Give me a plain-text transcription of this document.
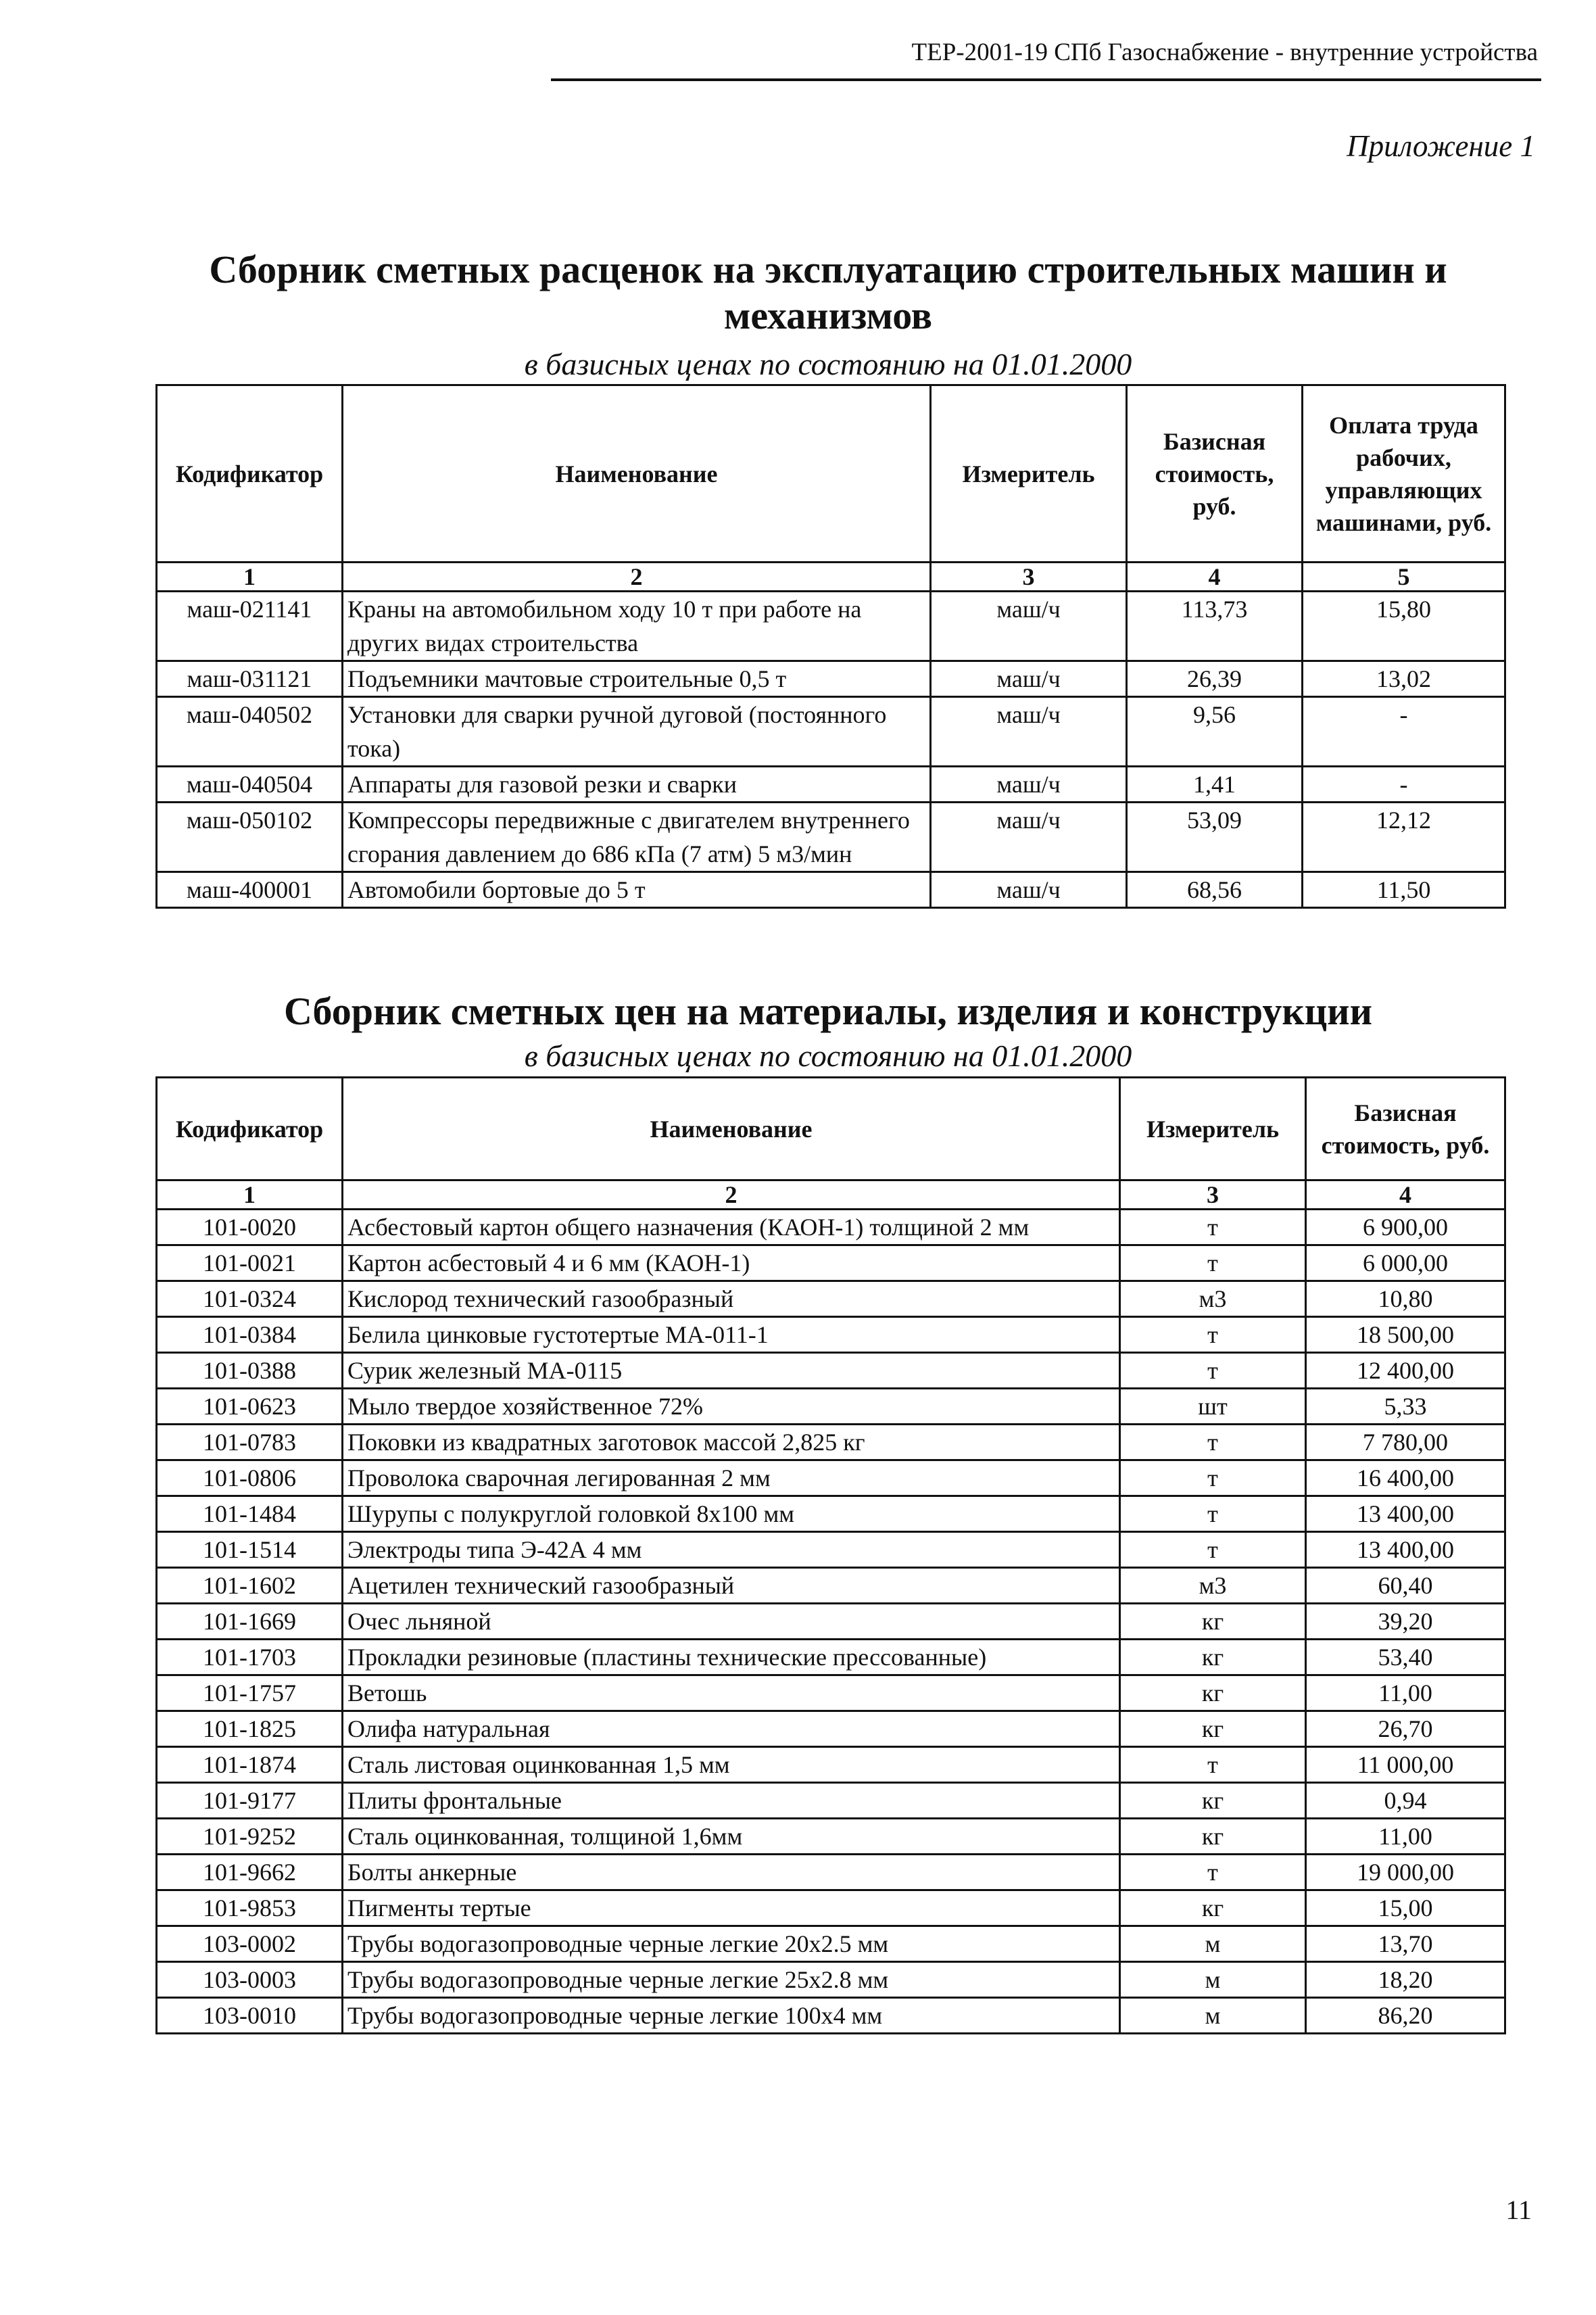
ТЕР-2001-19 СПб Газоснабжение - внутренние устройства
Приложение 1
Сборник сметных расценок на эксплуатацию строительных машин и
механизмов
в базисных ценах по состоянию на 01.01.2000
Кодификатор	Наименование	Измеритель	Базисная стоимость, руб.	Оплата труда рабочих, управляющих машинами, руб.
1	2	3	4	5
маш-021141	Краны на автомобильном ходу 10 т при работе на других видах строительства	маш/ч	113,73	15,80
маш-031121	Подъемники мачтовые строительные 0,5 т	маш/ч	26,39	13,02
маш-040502	Установки для сварки ручной дуговой (постоянного тока)	маш/ч	9,56	-
маш-040504	Аппараты для газовой резки и сварки	маш/ч	1,41	-
маш-050102	Компрессоры передвижные с двигателем внутреннего сгорания давлением до 686 кПа (7 атм) 5 м3/мин	маш/ч	53,09	12,12
маш-400001	Автомобили бортовые до 5 т	маш/ч	68,56	11,50
Сборник сметных цен на материалы, изделия и конструкции
в базисных ценах по состоянию на 01.01.2000
Кодификатор	Наименование	Измеритель	Базисная стоимость, руб.
1	2	3	4
101-0020	Асбестовый картон общего назначения (КАОН-1) толщиной 2 мм	т	6 900,00
101-0021	Картон асбестовый 4 и 6 мм (КАОН-1)	т	6 000,00
101-0324	Кислород технический газообразный	м3	10,80
101-0384	Белила цинковые густотертые МА-011-1	т	18 500,00
101-0388	Сурик железный МА-0115	т	12 400,00
101-0623	Мыло твердое хозяйственное 72%	шт	5,33
101-0783	Поковки из квадратных заготовок массой 2,825 кг	т	7 780,00
101-0806	Проволока сварочная легированная 2 мм	т	16 400,00
101-1484	Шурупы с полукруглой головкой 8х100 мм	т	13 400,00
101-1514	Электроды типа Э-42А 4 мм	т	13 400,00
101-1602	Ацетилен технический газообразный	м3	60,40
101-1669	Очес льняной	кг	39,20
101-1703	Прокладки резиновые (пластины технические прессованные)	кг	53,40
101-1757	Ветошь	кг	11,00
101-1825	Олифа натуральная	кг	26,70
101-1874	Сталь листовая оцинкованная 1,5 мм	т	11 000,00
101-9177	Плиты фронтальные	кг	0,94
101-9252	Сталь оцинкованная, толщиной 1,6мм	кг	11,00
101-9662	Болты анкерные	т	19 000,00
101-9853	Пигменты тертые	кг	15,00
103-0002	Трубы водогазопроводные черные легкие 20х2.5 мм	м	13,70
103-0003	Трубы водогазопроводные черные легкие 25х2.8 мм	м	18,20
103-0010	Трубы водогазопроводные черные легкие 100х4 мм	м	86,20
11
